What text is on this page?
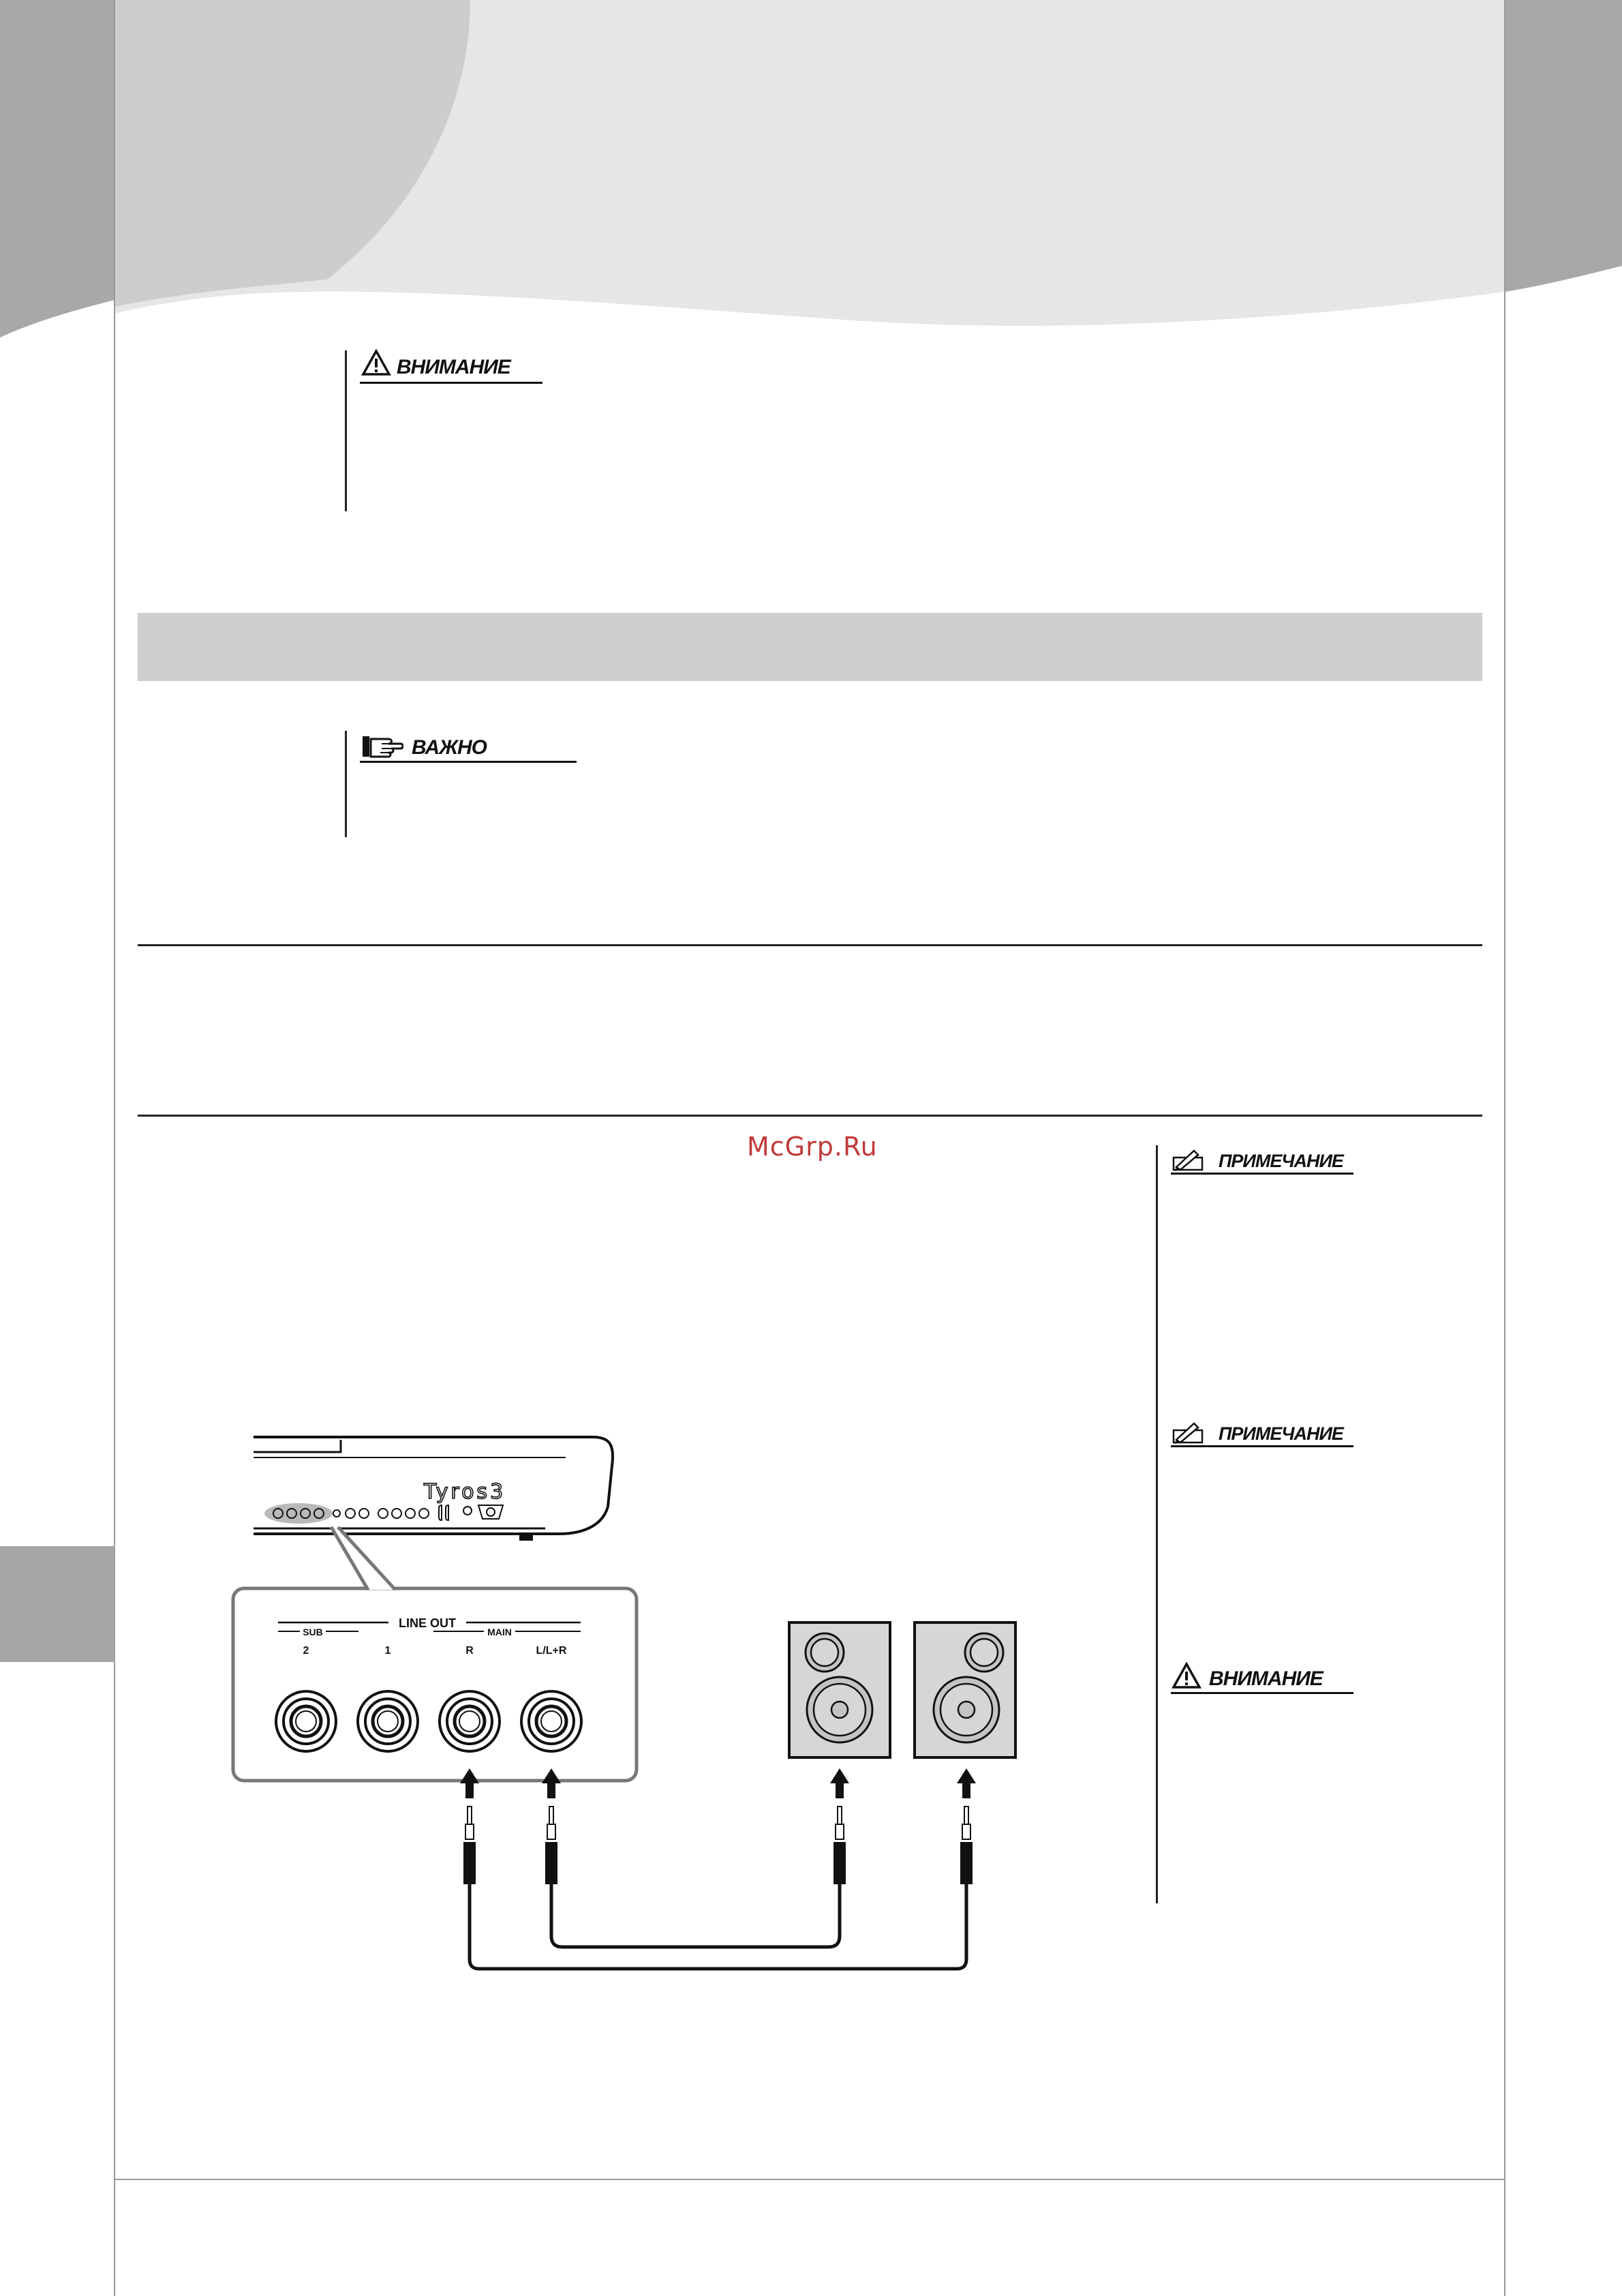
ВНИМАНИЕ
ВАЖНО
McGrp.Ru	ПРИМЕЧАНИЕ
ПРИМЕЧАНИЕ
ВНИМАНИЕ
Tyros3
LINE OUT
SUB	MAIN
2	1	R	L/L+R
